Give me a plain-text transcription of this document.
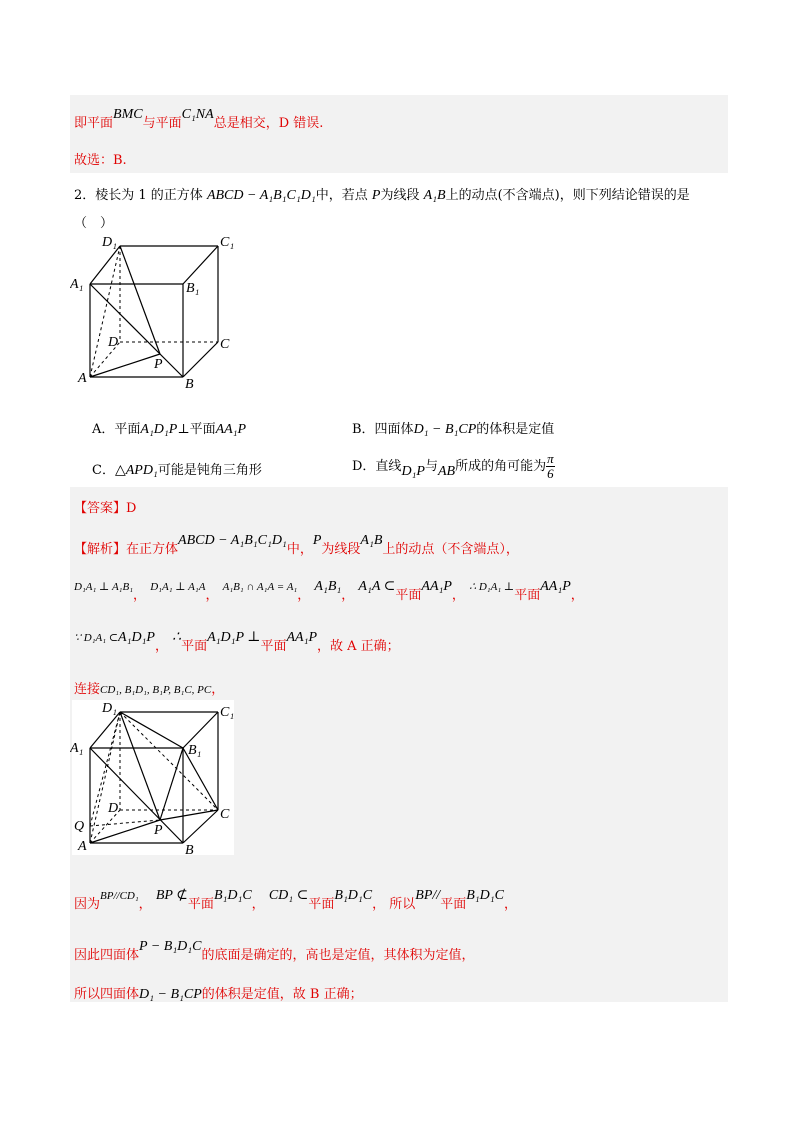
即平面BMC与平面C₁NA总是相交，D 错误.
故选：B.
2．棱长为 1 的正方体 ABCD − A₁B₁C₁D₁中，若点 P为线段 A₁B上的动点(不含端点)，则下列结论错误的是
（　）
D₁	C₁
A₁	B₁
D	C
P
A	B
A．平面A₁D₁P⊥平面AA₁P	B．四面体D₁ − B₁CP的体积是定值
C．△APD₁可能是钝角三角形	D．直线D₁P与AB所成的角可能为 $\frac{\pi}{6}$
【答案】D
【解析】在正方体ABCD − A₁B₁C₁D₁中，P为线段A₁B上的动点（不含端点），
$^{D_1A_1 \perp A_1B_1}$， $^{D_1A_1 \perp A_1A}$， $^{A_1B_1 \cap A_1A = A_1}$， A₁B₁， A₁A ⊂平面AA₁P， $^{\therefore D_1A_1 \perp}$平面AA₁P，
$^{\because D_1A_1 \subset}$A₁D₁P， ∴平面A₁D₁P ⊥平面AA₁P，故 A 正确；
连接CD₁, B₁D₁, B₁P, B₁C, PC，
D₁	C₁
A₁	B₁
D	C
Q	P
A	B
因为$^{BP//CD_1}$， BP ⊄平面B₁D₁C， CD₁ ⊂平面B₁D₁C， 所以BP//平面B₁D₁C，
因此四面体P − B₁D₁C的底面是确定的，高也是定值，其体积为定值，
所以四面体D₁ − B₁CP的体积是定值，故 B 正确；
